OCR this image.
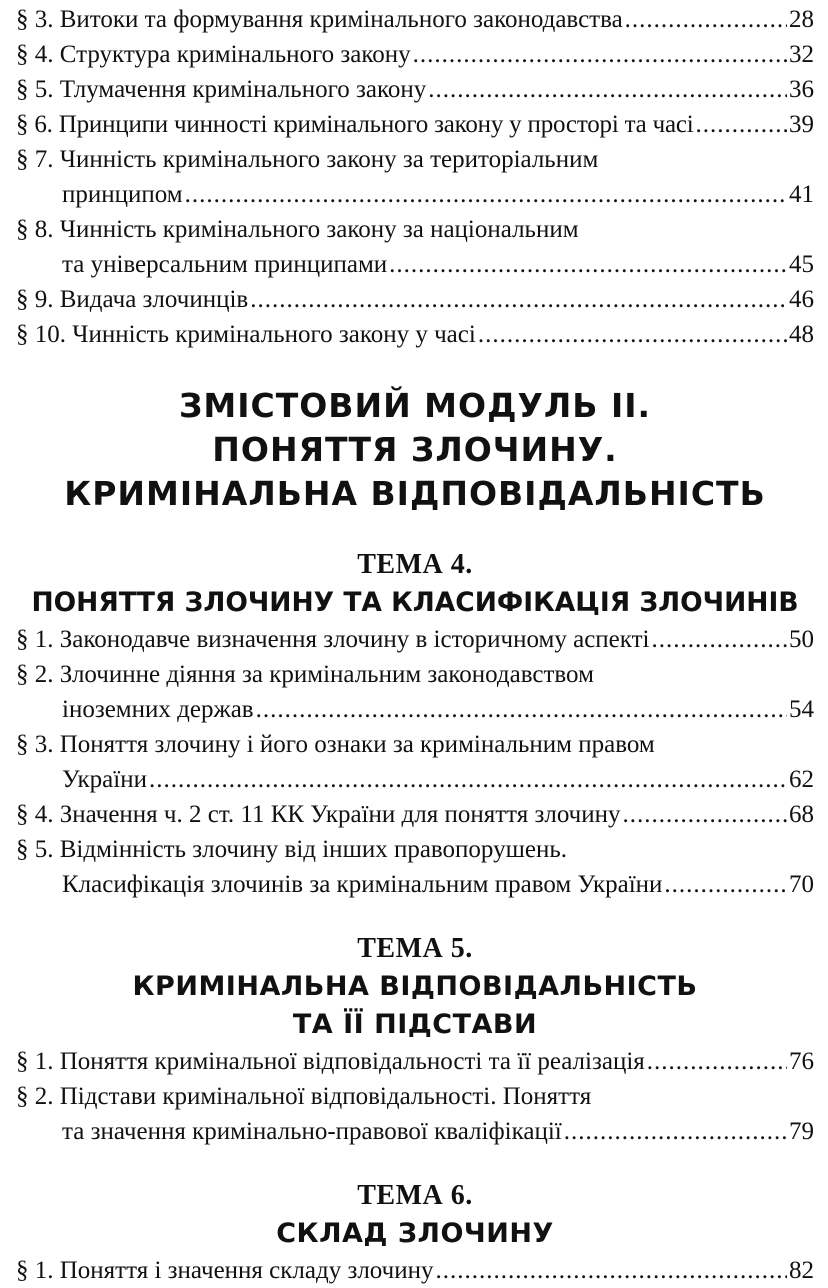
§ 3. Витоки та формування кримінального законодавства .....	28
§ 4. Структура кримінального закону .....	32
§ 5. Тлумачення кримінального закону .....	36
§ 6. Принципи чинності кримінального закону у просторі та часі .....	39
§ 7. Чинність кримінального закону за територіальним
принципом .....	41
§ 8. Чинність кримінального закону за національним
та універсальним принципами .....	45
§ 9. Видача злочинців .....	46
§ 10. Чинність кримінального закону у часі .....	48
ЗМІСТОВИЙ МОДУЛЬ ІІ.
ПОНЯТТЯ ЗЛОЧИНУ.
КРИМІНАЛЬНА ВІДПОВІДАЛЬНІСТЬ
ТЕМА 4.
ПОНЯТТЯ ЗЛОЧИНУ ТА КЛАСИФІКАЦІЯ ЗЛОЧИНІВ
§ 1. Законодавче визначення злочину в історичному аспекті .....	50
§ 2. Злочинне діяння за кримінальним законодавством
іноземних держав .....	54
§ 3. Поняття злочину і його ознаки за кримінальним правом
України .....	62
§ 4. Значення ч. 2 ст. 11 КК України для поняття злочину .....	68
§ 5. Відмінність злочину від інших правопорушень.
Класифікація злочинів за кримінальним правом України .....	70
ТЕМА 5.
КРИМІНАЛЬНА ВІДПОВІДАЛЬНІСТЬ
ТА ЇЇ ПІДСТАВИ
§ 1. Поняття кримінальної відповідальності та її реалізація .....	76
§ 2. Підстави кримінальної відповідальності. Поняття
та значення кримінально-правової кваліфікації .....	79
ТЕМА 6.
СКЛАД ЗЛОЧИНУ
§ 1. Поняття і значення складу злочину .....	82
